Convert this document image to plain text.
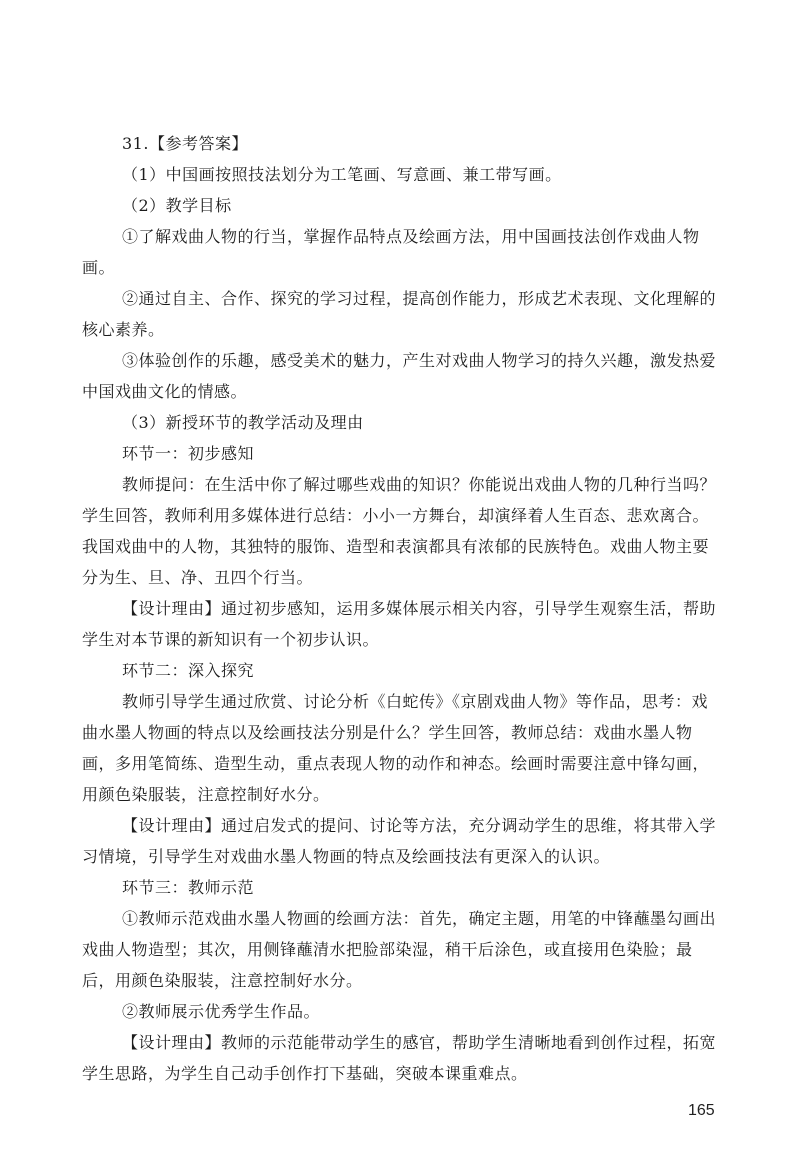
31.【参考答案】

（1）中国画按照技法划分为工笔画、写意画、兼工带写画。

（2）教学目标

①了解戏曲人物的行当，掌握作品特点及绘画方法，用中国画技法创作戏曲人物画。

②通过自主、合作、探究的学习过程，提高创作能力，形成艺术表现、文化理解的核心素养。

③体验创作的乐趣，感受美术的魅力，产生对戏曲人物学习的持久兴趣，激发热爱中国戏曲文化的情感。

（3）新授环节的教学活动及理由

环节一：初步感知

教师提问：在生活中你了解过哪些戏曲的知识？你能说出戏曲人物的几种行当吗？学生回答，教师利用多媒体进行总结：小小一方舞台，却演绎着人生百态、悲欢离合。我国戏曲中的人物，其独特的服饰、造型和表演都具有浓郁的民族特色。戏曲人物主要分为生、旦、净、丑四个行当。

【设计理由】通过初步感知，运用多媒体展示相关内容，引导学生观察生活，帮助学生对本节课的新知识有一个初步认识。

环节二：深入探究

教师引导学生通过欣赏、讨论分析《白蛇传》《京剧戏曲人物》等作品，思考：戏曲水墨人物画的特点以及绘画技法分别是什么？学生回答，教师总结：戏曲水墨人物画，多用笔简练、造型生动，重点表现人物的动作和神态。绘画时需要注意中锋勾画，用颜色染服装，注意控制好水分。

【设计理由】通过启发式的提问、讨论等方法，充分调动学生的思维，将其带入学习情境，引导学生对戏曲水墨人物画的特点及绘画技法有更深入的认识。

环节三：教师示范

①教师示范戏曲水墨人物画的绘画方法：首先，确定主题，用笔的中锋蘸墨勾画出戏曲人物造型；其次，用侧锋蘸清水把脸部染湿，稍干后涂色，或直接用色染脸；最后，用颜色染服装，注意控制好水分。

②教师展示优秀学生作品。

【设计理由】教师的示范能带动学生的感官，帮助学生清晰地看到创作过程，拓宽学生思路，为学生自己动手创作打下基础，突破本课重难点。

165
